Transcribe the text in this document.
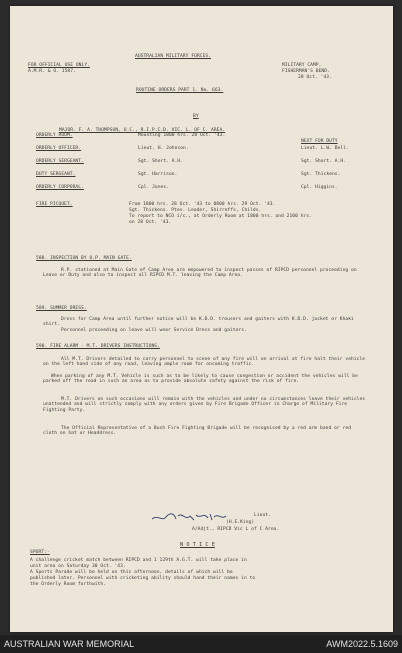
AUSTRALIAN MILITARY FORCES.
FOR OFFICIAL USE ONLY.
A.M.R. & O. 1587.
MILITARY CAMP,
FISHERMAN'S BEND.
28 Oct. '43.
ROUTINE ORDERS PART 1. No. 663.
BY
MAJOR. F. A. THOMPSON, O.C., R.I.P.C.D. VIC. L. OF C. AREA.
NEXT FOR DUTY
ORDERLY ROOM.	Mounting 1800 hrs. 28 Oct. '43.
ORDERLY OFFICER.	Lieut. H. Johnson.	Lieut. L.W. Bell.
ORDERLY SERGEANT.	Sgt. Short. A.H.	Sgt. Short. A.H.
DUTY SERGEANT.	Sgt. Harrison.	Sgt. Thickens.
ORDERLY CORPORAL.	Cpl. Jones.	Cpl. Higgins.
FIRE PICQUET.	From 1800 hrs. 28 Oct. '43 to 0800 hrs. 29 Oct. '43.
Sgt. Thickens. Ptes. Leader, Shirreffs, Childs.
To report to NCO i/c., at Orderly Room at 1800 hrs. and 2100 hrs.
on 28 Oct. '43.
588. INSPECTION BY O.P. MAIN GATE.
R.P. stationed at Main Gate of Camp Area are empowered to inspect passes of RIPCD personnel proceeding on Leave or Duty and also to inspect all RIPCD M.T. leaving the Camp Area.
589. SUMMER DRESS.
Dress for Camp Area until further notice will be K.D.D. trousers and gaiters with K.D.D. jacket or Khaki shirt.
Personnel proceeding on leave will wear Service Dress and gaiters.
590. FIRE ALARM - M.T. DRIVERS INSTRUCTIONS.
All M.T. Drivers detailed to carry personnel to scene of any fire will on arrival at fire halt their vehicle on the left hand side of any road, leaving ample room for oncoming traffic.
When parking of any M.T. Vehicle is such as to be likely to cause congestion or accident the vehicles will be parked off the road in such an area as to provide absolute safety against the risk of fire.
M.T. Drivers on such occasions will remain with the vehicles and under no circumstances leave their vehicles unattended and will strictly comply with any orders given by Fire Brigade Officer in Charge of Military Fire Fighting Party.
The Official Representative of a Bush Fire Fighting Brigade will be recognised by a red arm band or red cloth on hat or Headdress.
Lieut.
(H.E.King)
A/Adjt., RIPCD Vic L of C Area.
N O T I C E
SPORT:-
A challenge cricket match between RIPCD and 1 129th A.G.T. will take place in
unit area on Saturday 30 Oct. '43.
A Sports Parade will be held on this afternoon, details of which will be
published later. Personnel with cricketing ability should hand their names in to
the Orderly Room forthwith.
AUSTRALIAN WAR MEMORIAL	AWM2022.5.1609
